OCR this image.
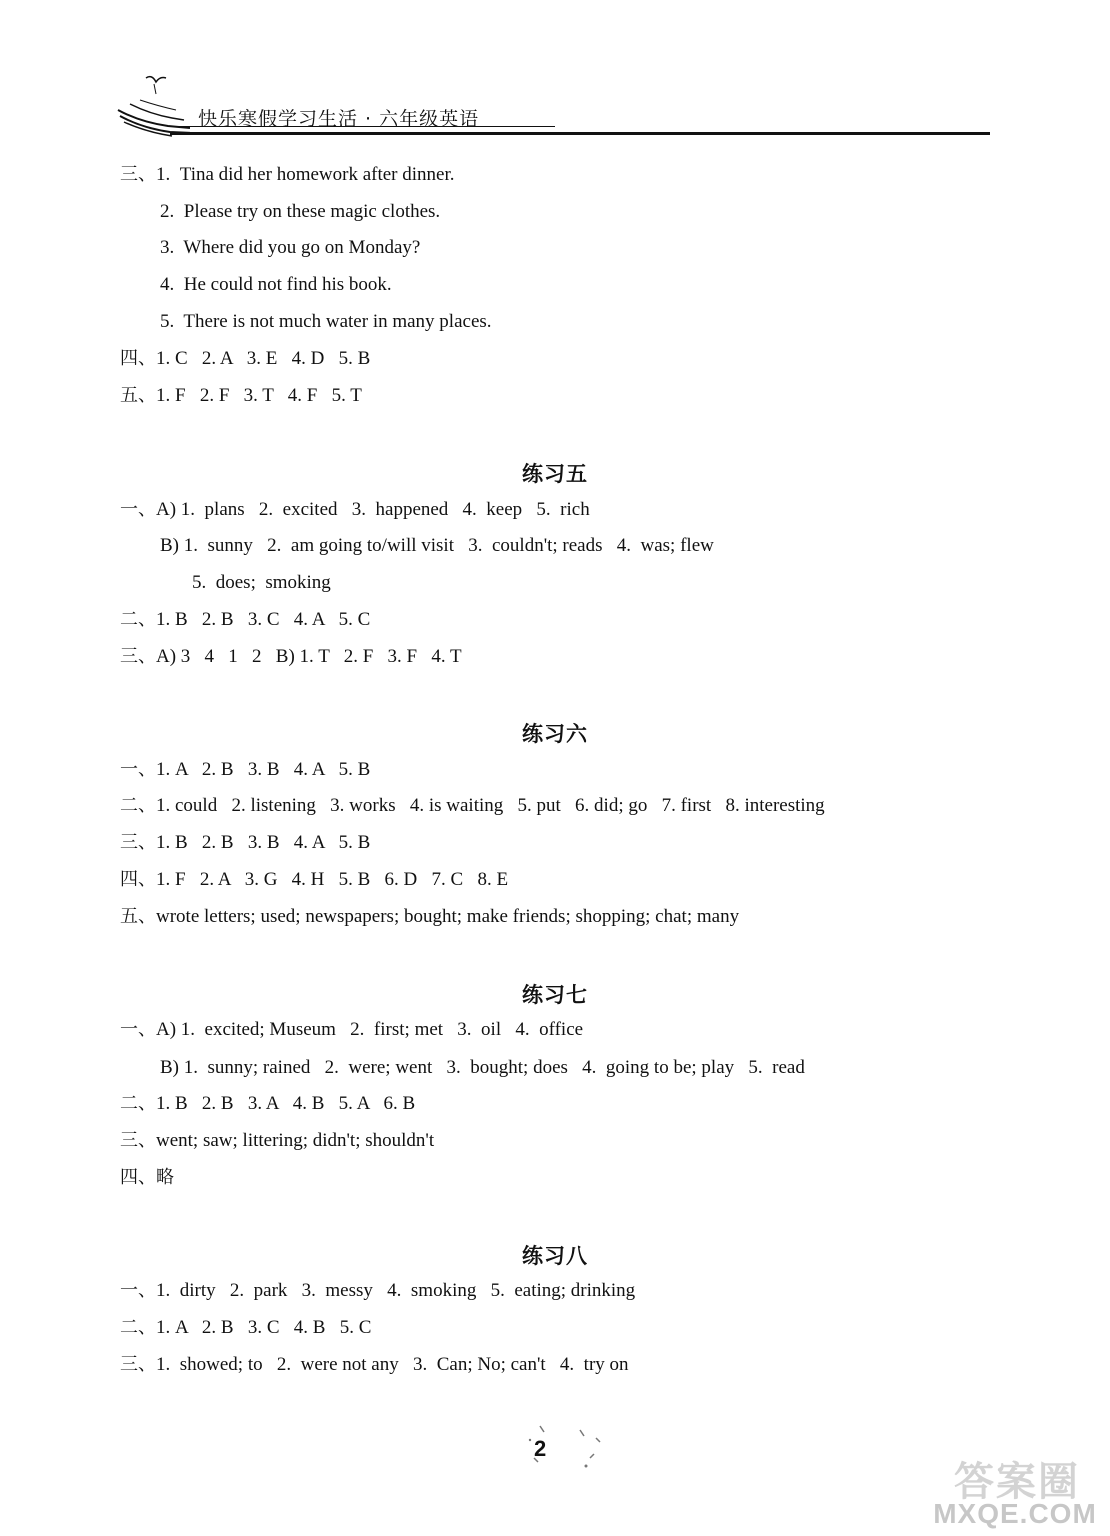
快乐寒假学习生活 · 六年级英语
三、1.  Tina did her homework after dinner.
2.  Please try on these magic clothes.
3.  Where did you go on Monday?
4.  He could not find his book.
5.  There is not much water in many places.
四、1. C   2. A   3. E   4. D   5. B
五、1. F   2. F   3. T   4. F   5. T
练习五
一、A) 1.  plans   2.  excited   3.  happened   4.  keep   5.  rich
B) 1.  sunny   2.  am going to/will visit   3.  couldn't; reads   4.  was; flew
5.  does;  smoking
二、1. B   2. B   3. C   4. A   5. C
三、A) 3   4   1   2   B) 1. T   2. F   3. F   4. T
练习六
一、1. A   2. B   3. B   4. A   5. B
二、1. could   2. listening   3. works   4. is waiting   5. put   6. did; go   7. first   8. interesting
三、1. B   2. B   3. B   4. A   5. B
四、1. F   2. A   3. G   4. H   5. B   6. D   7. C   8. E
五、wrote letters; used; newspapers; bought; make friends; shopping; chat; many
练习七
一、A) 1.  excited; Museum   2.  first; met   3.  oil   4.  office
B) 1.  sunny; rained   2.  were; went   3.  bought; does   4.  going to be; play   5.  read
二、1. B   2. B   3. A   4. B   5. A   6. B
三、went; saw; littering; didn't; shouldn't
四、略
练习八
一、1.  dirty   2.  park   3.  messy   4.  smoking   5.  eating; drinking
二、1. A   2. B   3. C   4. B   5. C
三、1.  showed; to   2.  were not any   3.  Can; No; can't   4.  try on
2
答案圈
MXQE.COM
